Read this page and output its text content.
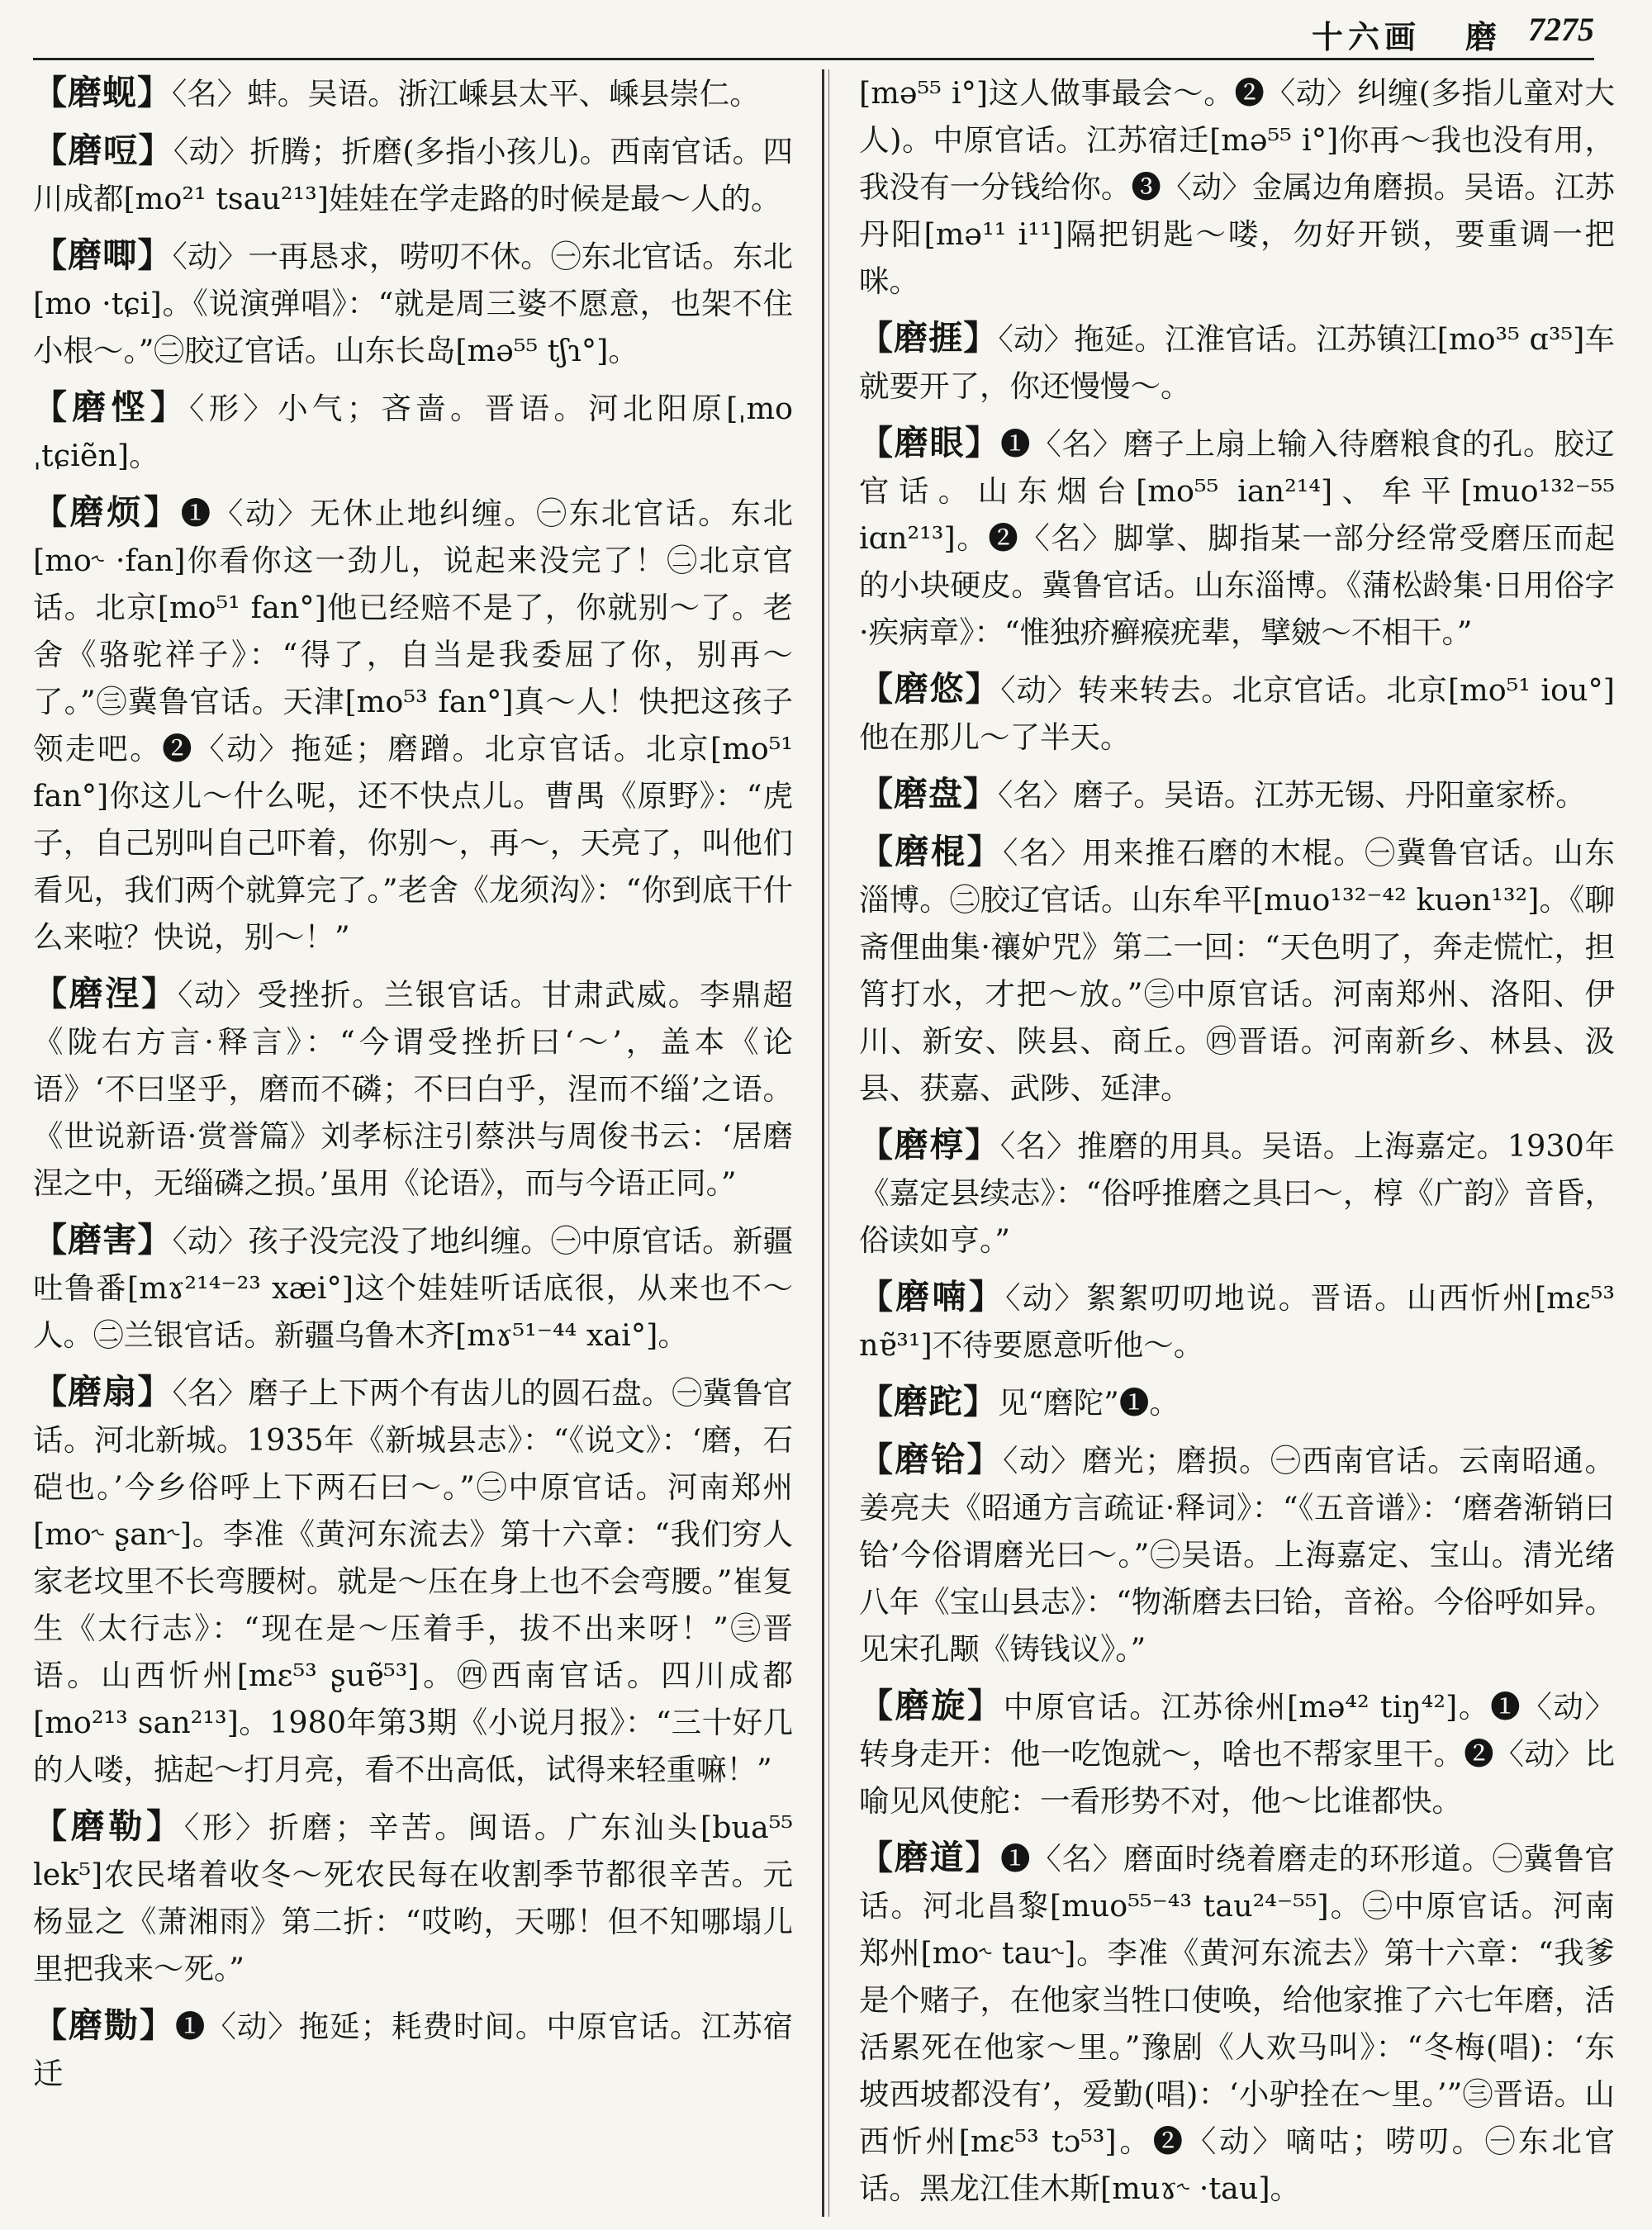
十六画 磨 7275

【 磨蚬 】 〈名〉蚌。吴语。浙江嵊县太平、嵊县崇仁。

【 磨哣 】 〈动〉折腾；折磨(多指小孩儿)。西南官话。四川成都[mo²¹ tsau²¹³]娃娃在学走路的时候是最～人的。

【 磨唧 】 〈动〉一再恳求，唠叨不休。㊀东北官话。东北[mo ·tɕi]。《说演弹唱》：“就是周三婆不愿意，也架不住小根～。”㊁胶辽官话。山东长岛[mə⁵⁵ tʃɿ°]。

【 磨悭 】 〈形〉小气；吝啬。晋语。河北阳原[ˌmo ˌtɕiẽn]。

【 磨烦 】 ❶〈动〉无休止地纠缠。㊀东北官话。东北[mo˞ ·fan]你看你这一劲儿，说起来没完了！㊁北京官话。北京[mo⁵¹ fan°]他已经赔不是了，你就别～了。老舍《骆驼祥子》：“得了，自当是我委屈了你，别再～了。”㊂冀鲁官话。天津[mo⁵³ fan°]真～人！快把这孩子领走吧。❷〈动〉拖延；磨蹭。北京官话。北京[mo⁵¹ fan°]你这儿～什么呢，还不快点儿。曹禺《原野》：“虎子，自己别叫自己吓着，你别～，再～，天亮了，叫他们看见，我们两个就算完了。”老舍《龙须沟》：“你到底干什么来啦？快说，别～！”

【 磨涅 】 〈动〉受挫折。兰银官话。甘肃武威。李鼎超《陇右方言·释言》：“今谓受挫折曰‘～’，盖本《论语》‘不曰坚乎，磨而不磷；不曰白乎，涅而不缁’之语。《世说新语·赏誉篇》刘孝标注引蔡洪与周俊书云：‘居磨涅之中，无缁磷之损。’虽用《论语》，而与今语正同。”

【 磨害 】 〈动〉孩子没完没了地纠缠。㊀中原官话。新疆吐鲁番[mɤ²¹⁴⁻²³ xæi°]这个娃娃听话底很，从来也不～人。㊁兰银官话。新疆乌鲁木齐[mɤ⁵¹⁻⁴⁴ xai°]。

【 磨扇 】 〈名〉磨子上下两个有齿儿的圆石盘。㊀冀鲁官话。河北新城。1935年《新城县志》：“《说文》：‘磨，石硙也。’今乡俗呼上下两石曰～。”㊁中原官话。河南郑州[mo˞ ʂan˞]。李准《黄河东流去》第十六章：“我们穷人家老坟里不长弯腰树。就是～压在身上也不会弯腰。”崔复生《太行志》：“现在是～压着手，拔不出来呀！”㊂晋语。山西忻州[mɛ⁵³ ʂuɐ̃⁵³]。㊃西南官话。四川成都[mo²¹³ san²¹³]。1980年第3期《小说月报》：“三十好几的人喽，掂起～打月亮，看不出高低，试得来轻重嘛！”

【 磨勒 】 〈形〉折磨；辛苦。闽语。广东汕头[bua⁵⁵ lek⁵]农民堵着收冬～死农民每在收割季节都很辛苦。元杨显之《萧湘雨》第二折：“哎哟，天哪！但不知哪塌儿里把我来～死。”

【 磨勚 】 ❶〈动〉拖延；耗费时间。中原官话。江苏宿迁

[mə⁵⁵ i°]这人做事最会～。❷〈动〉纠缠(多指儿童对大人)。中原官话。江苏宿迁[mə⁵⁵ i°]你再～我也没有用，我没有一分钱给你。❸〈动〉金属边角磨损。吴语。江苏丹阳[mə¹¹ i¹¹]隔把钥匙～喽，勿好开锁，要重调一把咪。

【 磨捱 】 〈动〉拖延。江淮官话。江苏镇江[mo³⁵ ɑ³⁵]车就要开了，你还慢慢～。

【 磨眼 】 ❶〈名〉磨子上扇上输入待磨粮食的孔。胶辽官话。山东烟台[mo⁵⁵ ian²¹⁴]、牟平[muo¹³²⁻⁵⁵ iɑn²¹³]。❷〈名〉脚掌、脚指某一部分经常受磨压而起的小块硬皮。冀鲁官话。山东淄博。《蒲松龄集·日用俗字·疾病章》：“惟独疥癣瘊疣辈，擘皴～不相干。”

【 磨悠 】 〈动〉转来转去。北京官话。北京[mo⁵¹ iou°]他在那儿～了半天。

【 磨盘 】 〈名〉磨子。吴语。江苏无锡、丹阳童家桥。

【 磨棍 】 〈名〉用来推石磨的木棍。㊀冀鲁官话。山东淄博。㊁胶辽官话。山东牟平[muo¹³²⁻⁴² kuən¹³²]。《聊斋俚曲集·禳妒咒》第二一回：“天色明了，奔走慌忙，担筲打水，才把～放。”㊂中原官话。河南郑州、洛阳、伊川、新安、陕县、商丘。㊃晋语。河南新乡、林县、汲县、获嘉、武陟、延津。

【 磨椁 】 〈名〉推磨的用具。吴语。上海嘉定。1930年《嘉定县续志》：“俗呼推磨之具曰～，椁《广韵》音昏，俗读如亨。”

【 磨喃 】 〈动〉絮絮叨叨地说。晋语。山西忻州[mɛ⁵³ nɐ̃³¹]不待要愿意听他～。

【 磨跎 】 见“磨陀”❶。

【 磨铪 】 〈动〉磨光；磨损。㊀西南官话。云南昭通。姜亮夫《昭通方言疏证·释词》：“《五音谱》：‘磨砻渐销曰铪’今俗谓磨光曰～。”㊁吴语。上海嘉定、宝山。清光绪八年《宝山县志》：“物渐磨去曰铪，音裕。今俗呼如异。见宋孔颙《铸钱议》。”

【 磨旋 】 中原官话。江苏徐州[mə⁴² tiŋ⁴²]。❶〈动〉转身走开：他一吃饱就～，啥也不帮家里干。❷〈动〉比喻见风使舵：一看形势不对，他～比谁都快。

【 磨道 】 ❶〈名〉磨面时绕着磨走的环形道。㊀冀鲁官话。河北昌黎[muo⁵⁵⁻⁴³ tau²⁴⁻⁵⁵]。㊁中原官话。河南郑州[mo˞ tau˞]。李准《黄河东流去》第十六章：“我爹是个赌子，在他家当牲口使唤，给他家推了六七年磨，活活累死在他家～里。”豫剧《人欢马叫》：“冬梅(唱)：‘东坡西坡都没有’，爱勤(唱)：‘小驴拴在～里。’”㊂晋语。山西忻州[mɛ⁵³ tɔ⁵³]。❷〈动〉嘀咕；唠叨。㊀东北官话。黑龙江佳木斯[muɤ˞ ·tau]。
